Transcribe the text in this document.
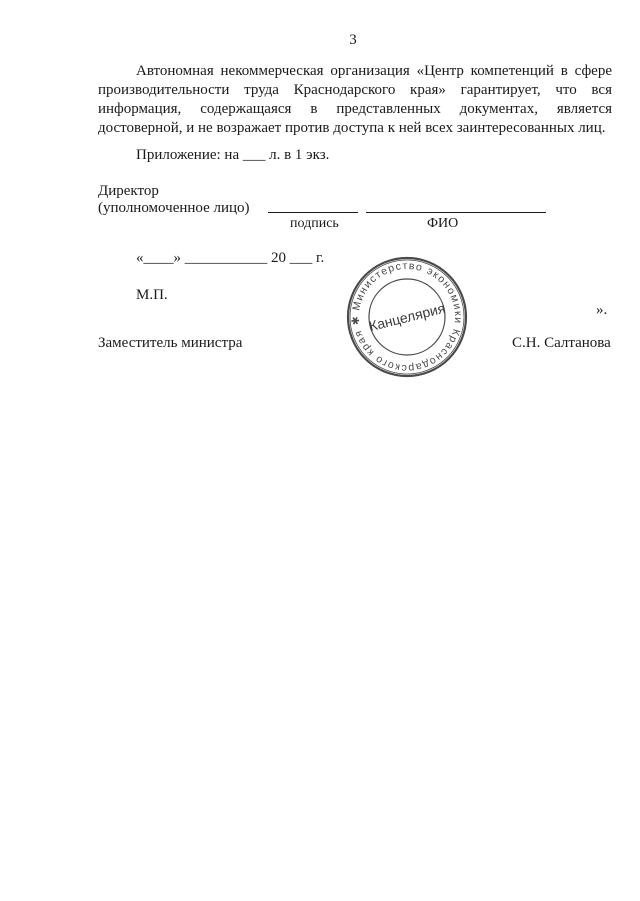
3
Автономная некоммерческая организация «Центр компетенций в сфере
производительности труда Краснодарского края» гарантирует, что вся
информация, содержащаяся в представленных документах, является
достоверной, и не возражает против доступа к ней всех заинтересованных лиц.
Приложение: на ___ л. в 1 экз.
Директор
(уполномоченное лицо)
подпись	ФИО
«____» ___________ 20 ___ г.
М.П.
».
Заместитель министра	С.Н. Салтанова
Министерство экономики Краснодарского края ✱ Канцелярия
